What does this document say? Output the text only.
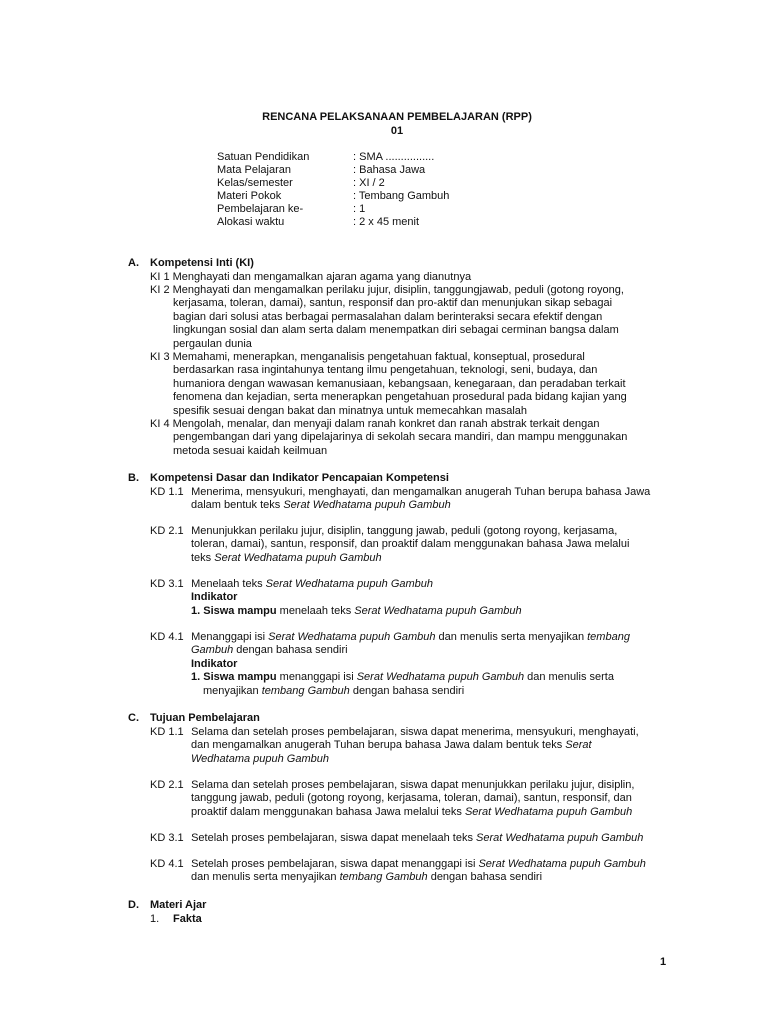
RENCANA PELAKSANAAN PEMBELAJARAN (RPP)
01
Satuan Pendidikan	: SMA ................
Mata Pelajaran	: Bahasa Jawa
Kelas/semester	: XI / 2
Materi Pokok	: Tembang Gambuh
Pembelajaran ke-	: 1
Alokasi waktu	: 2 x 45 menit
A. Kompetensi Inti (KI)
KI 1 Menghayati dan mengamalkan ajaran agama yang dianutnya
KI 2 Menghayati dan mengamalkan perilaku jujur, disiplin, tanggungjawab, peduli (gotong royong,
kerjasama, toleran, damai), santun, responsif dan pro-aktif dan menunjukan sikap sebagai
bagian dari solusi atas berbagai permasalahan dalam berinteraksi secara efektif dengan
lingkungan sosial dan alam serta dalam menempatkan diri sebagai cerminan bangsa dalam
pergaulan dunia
KI 3 Memahami, menerapkan, menganalisis pengetahuan faktual, konseptual, prosedural
berdasarkan rasa ingintahunya tentang ilmu pengetahuan, teknologi, seni, budaya, dan
humaniora dengan wawasan kemanusiaan, kebangsaan, kenegaraan, dan peradaban terkait
fenomena dan kejadian, serta menerapkan pengetahuan prosedural pada bidang kajian yang
spesifik sesuai dengan bakat dan minatnya untuk memecahkan masalah
KI 4 Mengolah, menalar, dan menyaji dalam ranah konkret dan ranah abstrak terkait dengan
pengembangan dari yang dipelajarinya di sekolah secara mandiri, dan mampu menggunakan
metoda sesuai kaidah keilmuan
B. Kompetensi Dasar dan Indikator Pencapaian Kompetensi
KD 1.1 Menerima, mensyukuri, menghayati, dan mengamalkan anugerah Tuhan berupa bahasa Jawa
dalam bentuk teks Serat Wedhatama pupuh Gambuh
KD 2.1 Menunjukkan perilaku jujur, disiplin, tanggung jawab, peduli (gotong royong, kerjasama,
toleran, damai), santun, responsif, dan proaktif dalam menggunakan bahasa Jawa melalui
teks Serat Wedhatama pupuh Gambuh
KD 3.1 Menelaah teks Serat Wedhatama pupuh Gambuh
Indikator
1. Siswa mampu menelaah teks Serat Wedhatama pupuh Gambuh
KD 4.1 Menanggapi isi Serat Wedhatama pupuh Gambuh dan menulis serta menyajikan tembang
Gambuh dengan bahasa sendiri
Indikator
1. Siswa mampu menanggapi isi Serat Wedhatama pupuh Gambuh dan menulis serta
menyajikan tembang Gambuh dengan bahasa sendiri
C. Tujuan Pembelajaran
KD 1.1 Selama dan setelah proses pembelajaran, siswa dapat menerima, mensyukuri, menghayati,
dan mengamalkan anugerah Tuhan berupa bahasa Jawa dalam bentuk teks Serat
Wedhatama pupuh Gambuh
KD 2.1 Selama dan setelah proses pembelajaran, siswa dapat menunjukkan perilaku jujur, disiplin,
tanggung jawab, peduli (gotong royong, kerjasama, toleran, damai), santun, responsif, dan
proaktif dalam menggunakan bahasa Jawa melalui teks Serat Wedhatama pupuh Gambuh
KD 3.1 Setelah proses pembelajaran, siswa dapat menelaah teks Serat Wedhatama pupuh Gambuh
KD 4.1 Setelah proses pembelajaran, siswa dapat menanggapi isi Serat Wedhatama pupuh Gambuh
dan menulis serta menyajikan tembang Gambuh dengan bahasa sendiri
D. Materi Ajar
1. Fakta
1
